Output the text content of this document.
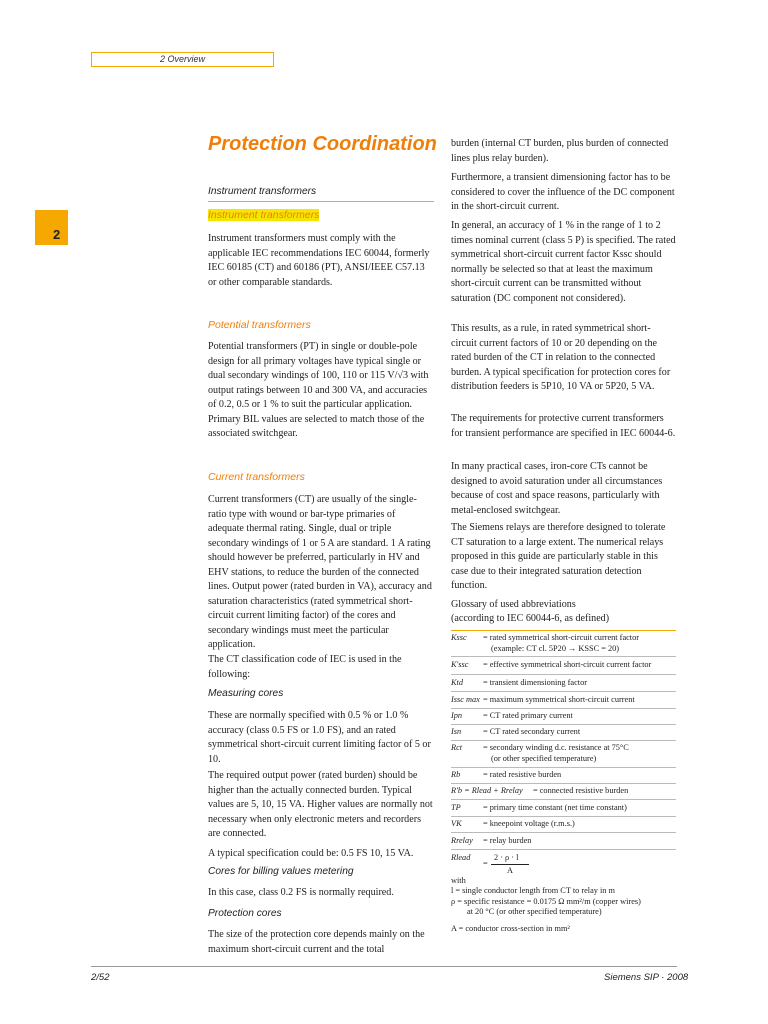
2 Overview
2
Protection Coordination
Instrument transformers
Instrument transformers

Instrument transformers must comply with the applicable IEC recommendations IEC 60044, formerly IEC 60185 (CT) and 60186 (PT), ANSI/IEEE C57.13 or other comparable standards.

Potential transformers

Potential transformers (PT) in single or double-pole design for all primary voltages have typical single or dual secondary windings of 100, 110 or 115 V/√3 with output ratings between 10 and 300 VA, and accuracies of 0.2, 0.5 or 1 % to suit the particular application. Primary BIL values are selected to match those of the associated switchgear.

Current transformers

Current transformers (CT) are usually of the single-ratio type with wound or bar-type primaries of adequate thermal rating. Single, dual or triple secondary windings of 1 or 5 A are standard. 1 A rating should however be preferred, particularly in HV and EHV stations, to reduce the burden of the connected lines. Output power (rated burden in VA), accuracy and saturation characteristics (rated symmetrical short-circuit current limiting factor) of the cores and secondary windings must meet the particular application.

The CT classification code of IEC is used in the following:

Measuring cores

These are normally specified with 0.5 % or 1.0 % accuracy (class 0.5 FS or 1.0 FS), and an rated symmetrical short-circuit current limiting factor of 5 or 10.

The required output power (rated burden) should be higher than the actually connected burden. Typical values are 5, 10, 15 VA. Higher values are normally not necessary when only electronic meters and recorders are connected.

A typical specification could be: 0.5 FS 10, 15 VA.

Cores for billing values metering

In this case, class 0.2 FS is normally required.

Protection cores

The size of the protection core depends mainly on the maximum short-circuit current and the total

burden (internal CT burden, plus burden of connected lines plus relay burden).

Furthermore, a transient dimensioning factor has to be considered to cover the influence of the DC component in the short-circuit current.

In general, an accuracy of 1 % in the range of 1 to 2 times nominal current (class 5 P) is specified. The rated symmetrical short-circuit current factor Kssc should normally be selected so that at least the maximum short-circuit current can be transmitted without saturation (DC component not considered).

This results, as a rule, in rated symmetrical short-circuit current factors of 10 or 20 depending on the rated burden of the CT in relation to the connected burden. A typical specification for protection cores for distribution feeders is 5P10, 10 VA or 5P20, 5 VA.

The requirements for protective current transformers for transient performance are specified in IEC 60044-6.

In many practical cases, iron-core CTs cannot be designed to avoid saturation under all circumstances because of cost and space reasons, particularly with metal-enclosed switchgear.

The Siemens relays are therefore designed to tolerate CT saturation to a large extent. The numerical relays proposed in this guide are particularly stable in this case due to their integrated saturation detection function.

Glossary of used abbreviations
(according to IEC 60044-6, as defined)
Kssc = rated symmetrical short-circuit current factor
(example: CT cl. 5P20 → KSSC = 20)
K'ssc = effective symmetrical short-circuit current factor
Ktd = transient dimensioning factor
Issc max = maximum symmetrical short-circuit current
Ipn	= CT rated primary current
Isn	= CT rated secondary current
Rct	= secondary winding d.c. resistance at 75°C
(or other specified temperature)
Rb	= rated resistive burden
R'b = Rlead + Rrelay = connected resistive burden
TP	= primary time constant (net time constant)
VK	= kneepoint voltage (r.m.s.)
Rrelay = relay burden
Rlead
=
2 · ρ · l
A
with
l = single conductor length from CT to relay in m
ρ = specific resistance = 0.0175 Ω mm²/m (copper wires)
at 20 °C (or other specified temperature)
A = conductor cross-section in mm²
2/52	Siemens SIP · 2008
